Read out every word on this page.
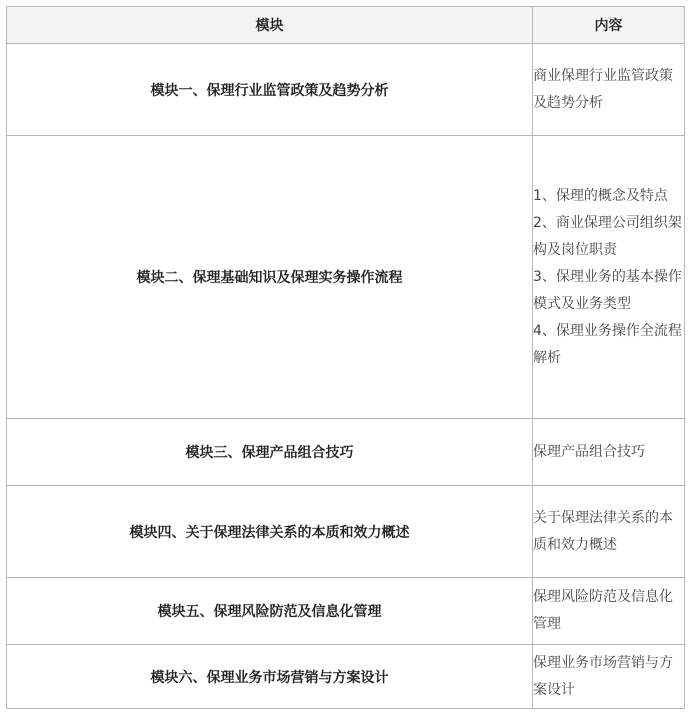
模块	内容
模块一、保理行业监管政策及趋势分析	商业保理行业监管政策及趋势分析

模块二、保理基础知识及保理实务操作流程	1、保理的概念及特点
2、商业保理公司组织架构及岗位职责
3、保理业务的基本操作模式及业务类型
4、保理业务操作全流程解析

模块三、保理产品组合技巧	保理产品组合技巧

模块四、关于保理法律关系的本质和效力概述	关于保理法律关系的本质和效力概述

模块五、保理风险防范及信息化管理	保理风险防范及信息化管理

模块六、保理业务市场营销与方案设计	保理业务市场营销与方案设计
